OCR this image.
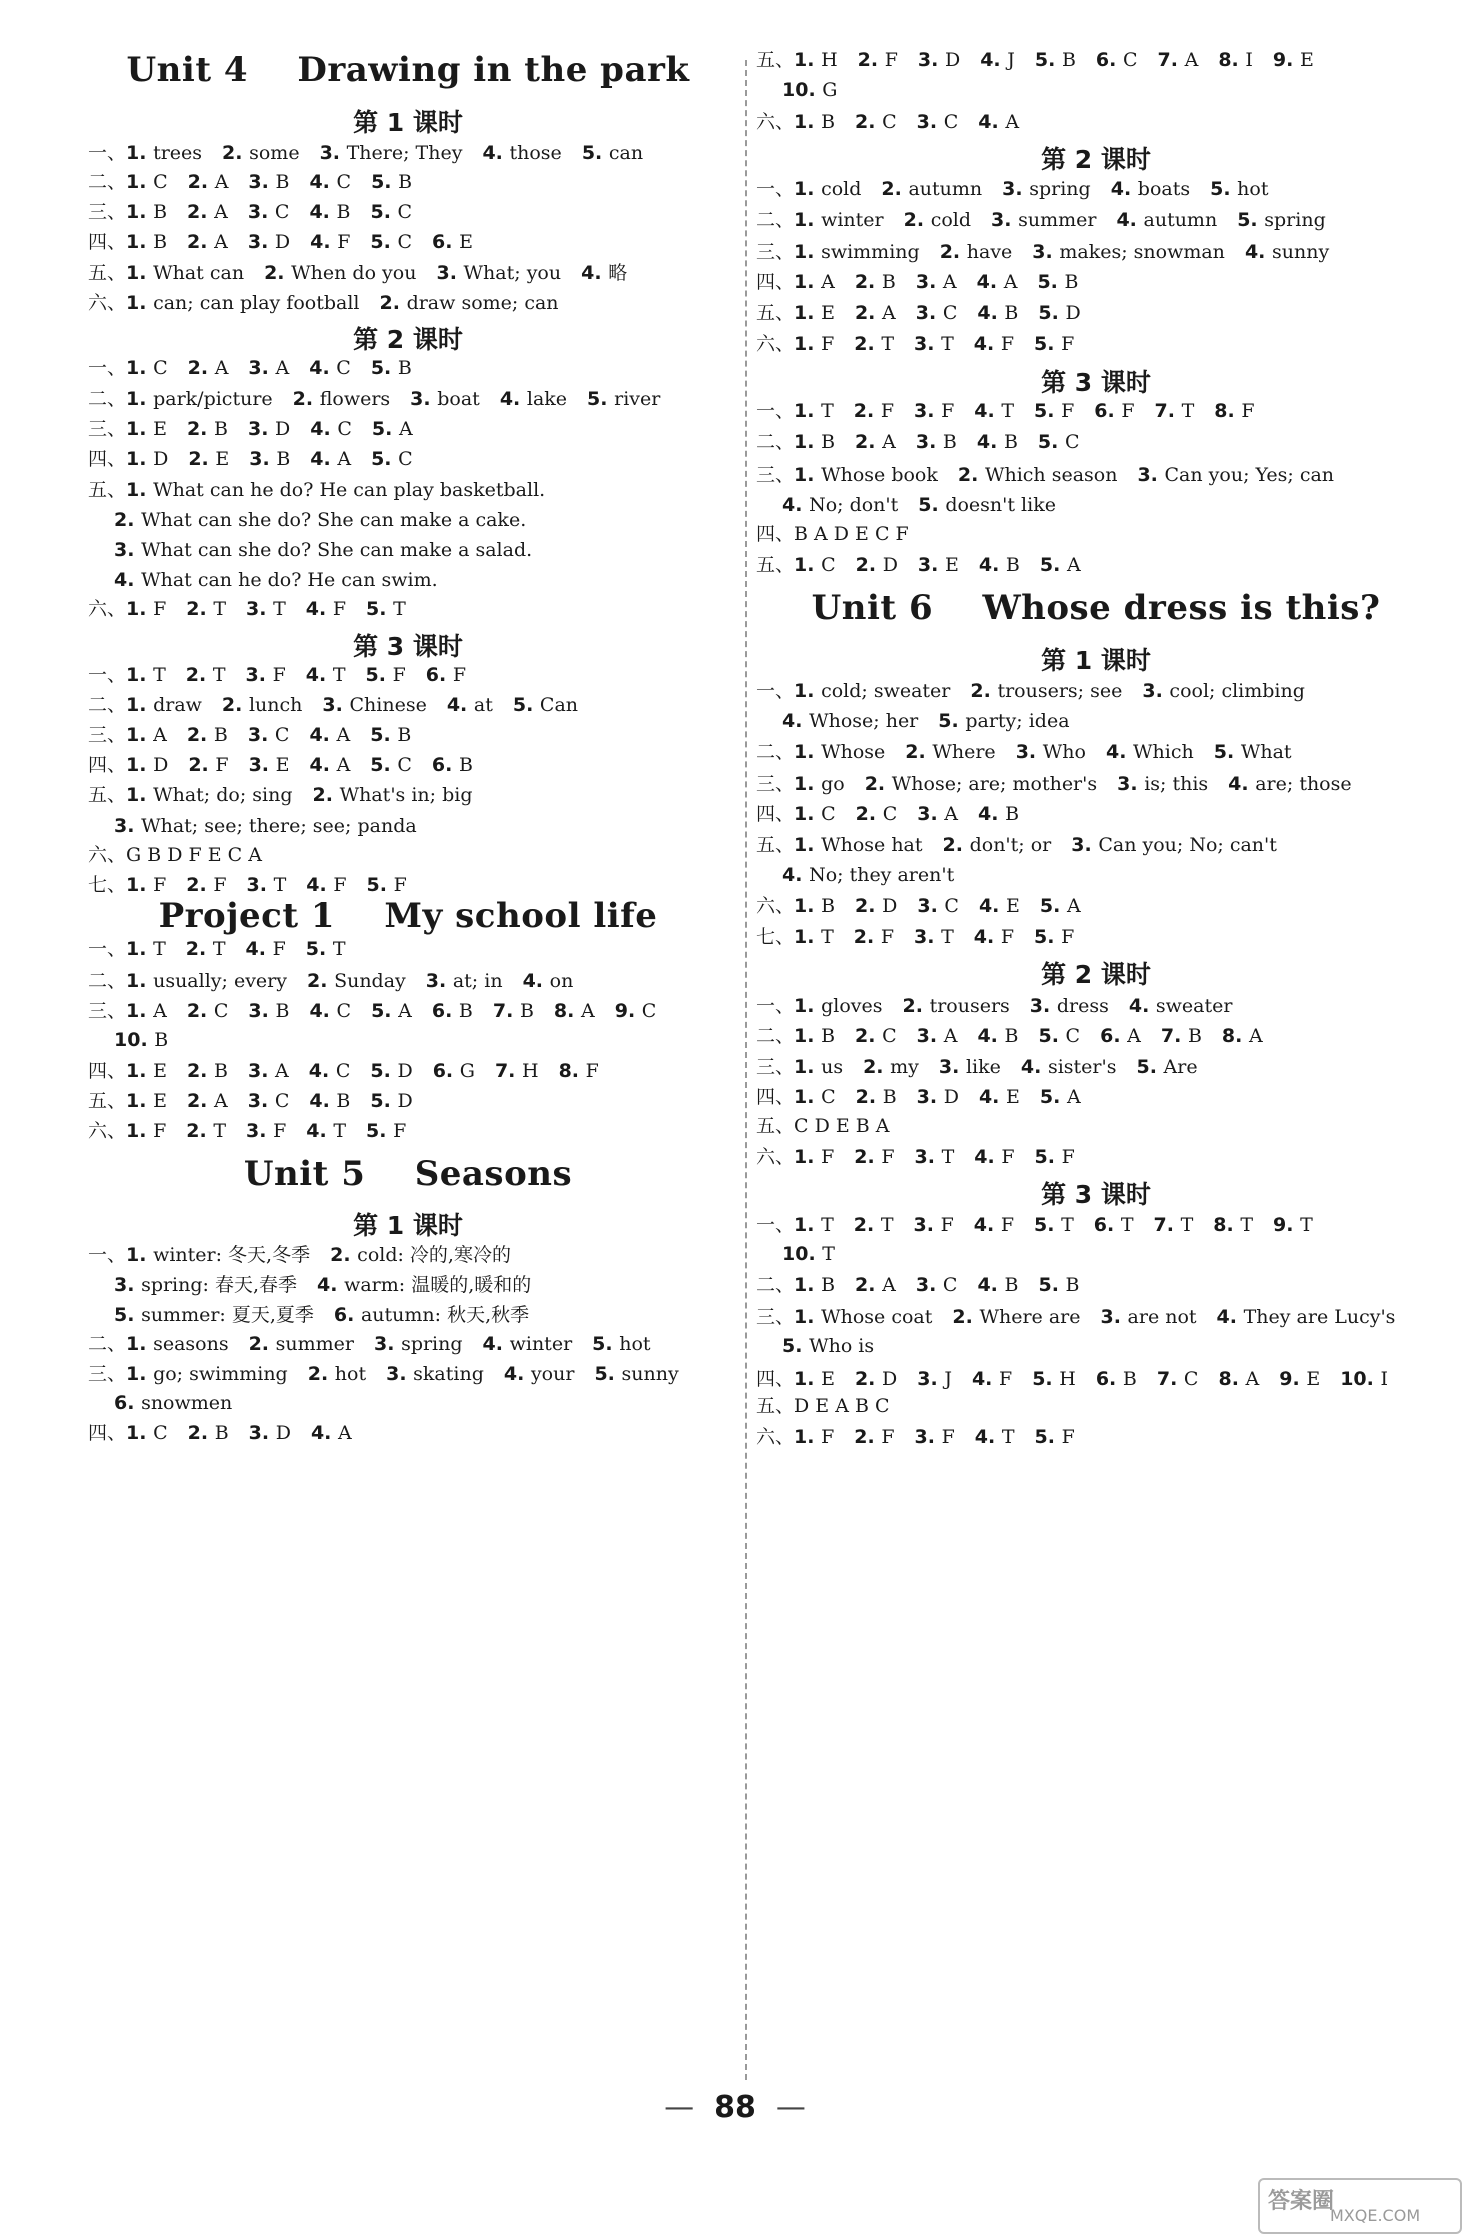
Unit 4    Drawing in the park
第 1 课时
一、1. trees 2. some 3. There; They 4. those 5. can
二、1. C 2. A 3. B 4. C 5. B
三、1. B 2. A 3. C 4. B 5. C
四、1. B 2. A 3. D 4. F 5. C 6. E
五、1. What can 2. When do you 3. What; you 4. 略
六、1. can; can play football 2. draw some; can
第 2 课时
一、1. C 2. A 3. A 4. C 5. B
二、1. park/picture 2. flowers 3. boat 4. lake 5. river
三、1. E 2. B 3. D 4. C 5. A
四、1. D 2. E 3. B 4. A 5. C
五、1. What can he do? He can play basketball.
2. What can she do? She can make a cake.
3. What can she do? She can make a salad.
4. What can he do? He can swim.
六、1. F 2. T 3. T 4. F 5. T
第 3 课时
一、1. T 2. T 3. F 4. T 5. F 6. F
二、1. draw 2. lunch 3. Chinese 4. at 5. Can
三、1. A 2. B 3. C 4. A 5. B
四、1. D 2. F 3. E 4. A 5. C 6. B
五、1. What; do; sing 2. What's in; big
3. What; see; there; see; panda
六、G B D F E C A
七、1. F 2. F 3. T 4. F 5. F
Project 1    My school life
一、1. T 2. T 4. F 5. T
二、1. usually; every 2. Sunday 3. at; in 4. on
三、1. A 2. C 3. B 4. C 5. A 6. B 7. B 8. A 9. C
10. B
四、1. E 2. B 3. A 4. C 5. D 6. G 7. H 8. F
五、1. E 2. A 3. C 4. B 5. D
六、1. F 2. T 3. F 4. T 5. F
Unit 5    Seasons
第 1 课时
一、1. winter: 冬天,冬季 2. cold: 冷的,寒冷的
3. spring: 春天,春季 4. warm: 温暖的,暖和的
5. summer: 夏天,夏季 6. autumn: 秋天,秋季
二、1. seasons 2. summer 3. spring 4. winter 5. hot
三、1. go; swimming 2. hot 3. skating 4. your 5. sunny
6. snowmen
四、1. C 2. B 3. D 4. A
五、1. H 2. F 3. D 4. J 5. B 6. C 7. A 8. I 9. E
10. G
六、1. B 2. C 3. C 4. A
第 2 课时
一、1. cold 2. autumn 3. spring 4. boats 5. hot
二、1. winter 2. cold 3. summer 4. autumn 5. spring
三、1. swimming 2. have 3. makes; snowman 4. sunny
四、1. A 2. B 3. A 4. A 5. B
五、1. E 2. A 3. C 4. B 5. D
六、1. F 2. T 3. T 4. F 5. F
第 3 课时
一、1. T 2. F 3. F 4. T 5. F 6. F 7. T 8. F
二、1. B 2. A 3. B 4. B 5. C
三、1. Whose book 2. Which season 3. Can you; Yes; can
4. No; don't 5. doesn't like
四、B A D E C F
五、1. C 2. D 3. E 4. B 5. A
Unit 6    Whose dress is this?
第 1 课时
一、1. cold; sweater 2. trousers; see 3. cool; climbing
4. Whose; her 5. party; idea
二、1. Whose 2. Where 3. Who 4. Which 5. What
三、1. go 2. Whose; are; mother's 3. is; this 4. are; those
四、1. C 2. C 3. A 4. B
五、1. Whose hat 2. don't; or 3. Can you; No; can't
4. No; they aren't
六、1. B 2. D 3. C 4. E 5. A
七、1. T 2. F 3. T 4. F 5. F
第 2 课时
一、1. gloves 2. trousers 3. dress 4. sweater
二、1. B 2. C 3. A 4. B 5. C 6. A 7. B 8. A
三、1. us 2. my 3. like 4. sister's 5. Are
四、1. C 2. B 3. D 4. E 5. A
五、C D E B A
六、1. F 2. F 3. T 4. F 5. F
第 3 课时
一、1. T 2. T 3. F 4. F 5. T 6. T 7. T 8. T 9. T
10. T
二、1. B 2. A 3. C 4. B 5. B
三、1. Whose coat 2. Where are 3. are not 4. They are Lucy's
5. Who is
四、1. E 2. D 3. J 4. F 5. H 6. B 7. C 8. A 9. E 10. I
五、D E A B C
六、1. F 2. F 3. F 4. T 5. F
— 88 —
答案圈
MXQE.COM
